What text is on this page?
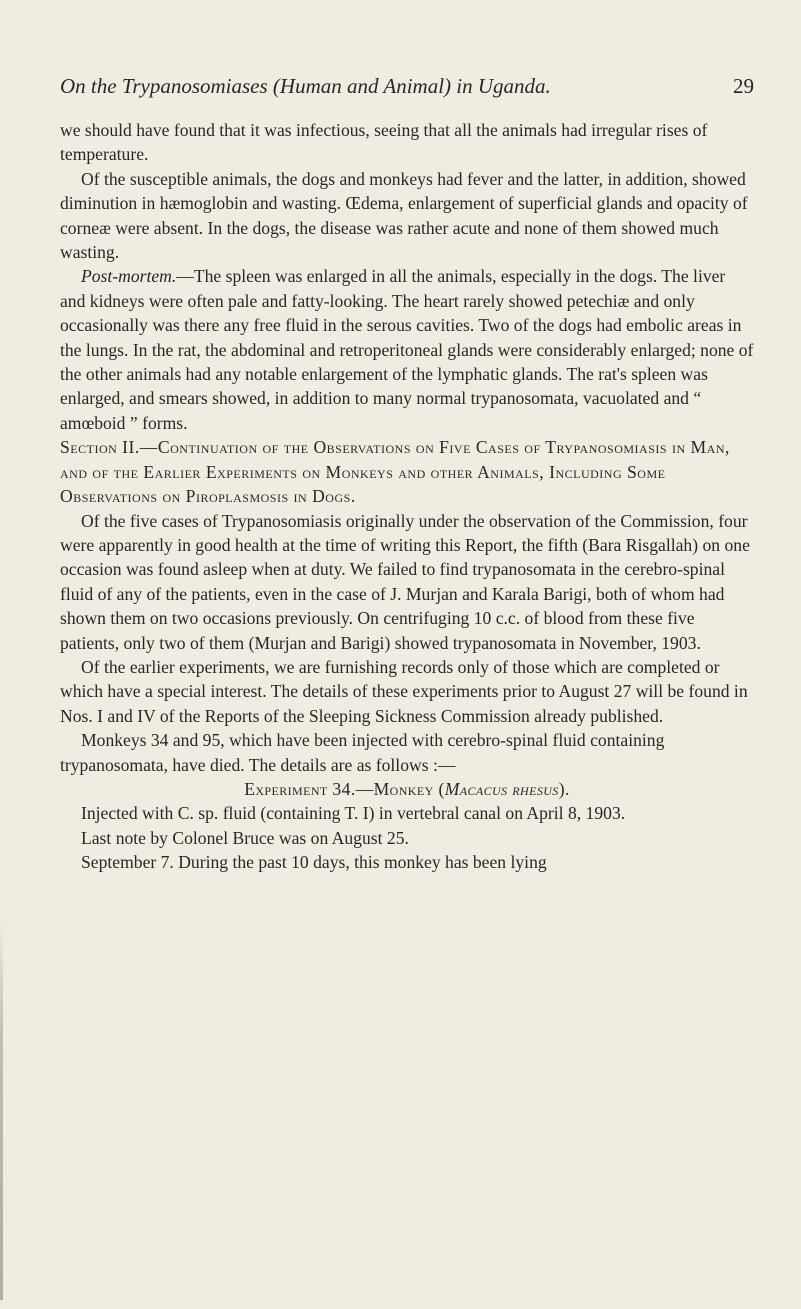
On the Trypanosomiases (Human and Animal) in Uganda.	29

we should have found that it was infectious, seeing that all the animals had irregular rises of temperature.

Of the susceptible animals, the dogs and monkeys had fever and the latter, in addition, showed diminution in hæmoglobin and wasting. Œdema, enlargement of superficial glands and opacity of corneæ were absent. In the dogs, the disease was rather acute and none of them showed much wasting.

Post-mortem.—The spleen was enlarged in all the animals, especially in the dogs. The liver and kidneys were often pale and fatty-looking. The heart rarely showed petechiæ and only occasionally was there any free fluid in the serous cavities. Two of the dogs had embolic areas in the lungs. In the rat, the abdominal and retroperitoneal glands were considerably enlarged; none of the other animals had any notable enlargement of the lymphatic glands. The rat's spleen was enlarged, and smears showed, in addition to many normal trypanosomata, vacuolated and “ amœboid ” forms.

Section II.—Continuation of the Observations on Five Cases of Trypanosomiasis in Man, and of the Earlier Experiments on Monkeys and other Animals, Including Some Observations on Piroplasmosis in Dogs.

Of the five cases of Trypanosomiasis originally under the observation of the Commission, four were apparently in good health at the time of writing this Report, the fifth (Bara Risgallah) on one occasion was found asleep when at duty. We failed to find trypanosomata in the cerebro-spinal fluid of any of the patients, even in the case of J. Murjan and Karala Barigi, both of whom had shown them on two occasions previously. On centrifuging 10 c.c. of blood from these five patients, only two of them (Murjan and Barigi) showed trypanosomata in November, 1903.

Of the earlier experiments, we are furnishing records only of those which are completed or which have a special interest. The details of these experiments prior to August 27 will be found in Nos. I and IV of the Reports of the Sleeping Sickness Commission already published.

Monkeys 34 and 95, which have been injected with cerebro-spinal fluid containing trypanosomata, have died. The details are as follows :—

Experiment 34.—Monkey (Macacus rhesus).

Injected with C. sp. fluid (containing T. I) in vertebral canal on April 8, 1903.

Last note by Colonel Bruce was on August 25.

September 7. During the past 10 days, this monkey has been lying
